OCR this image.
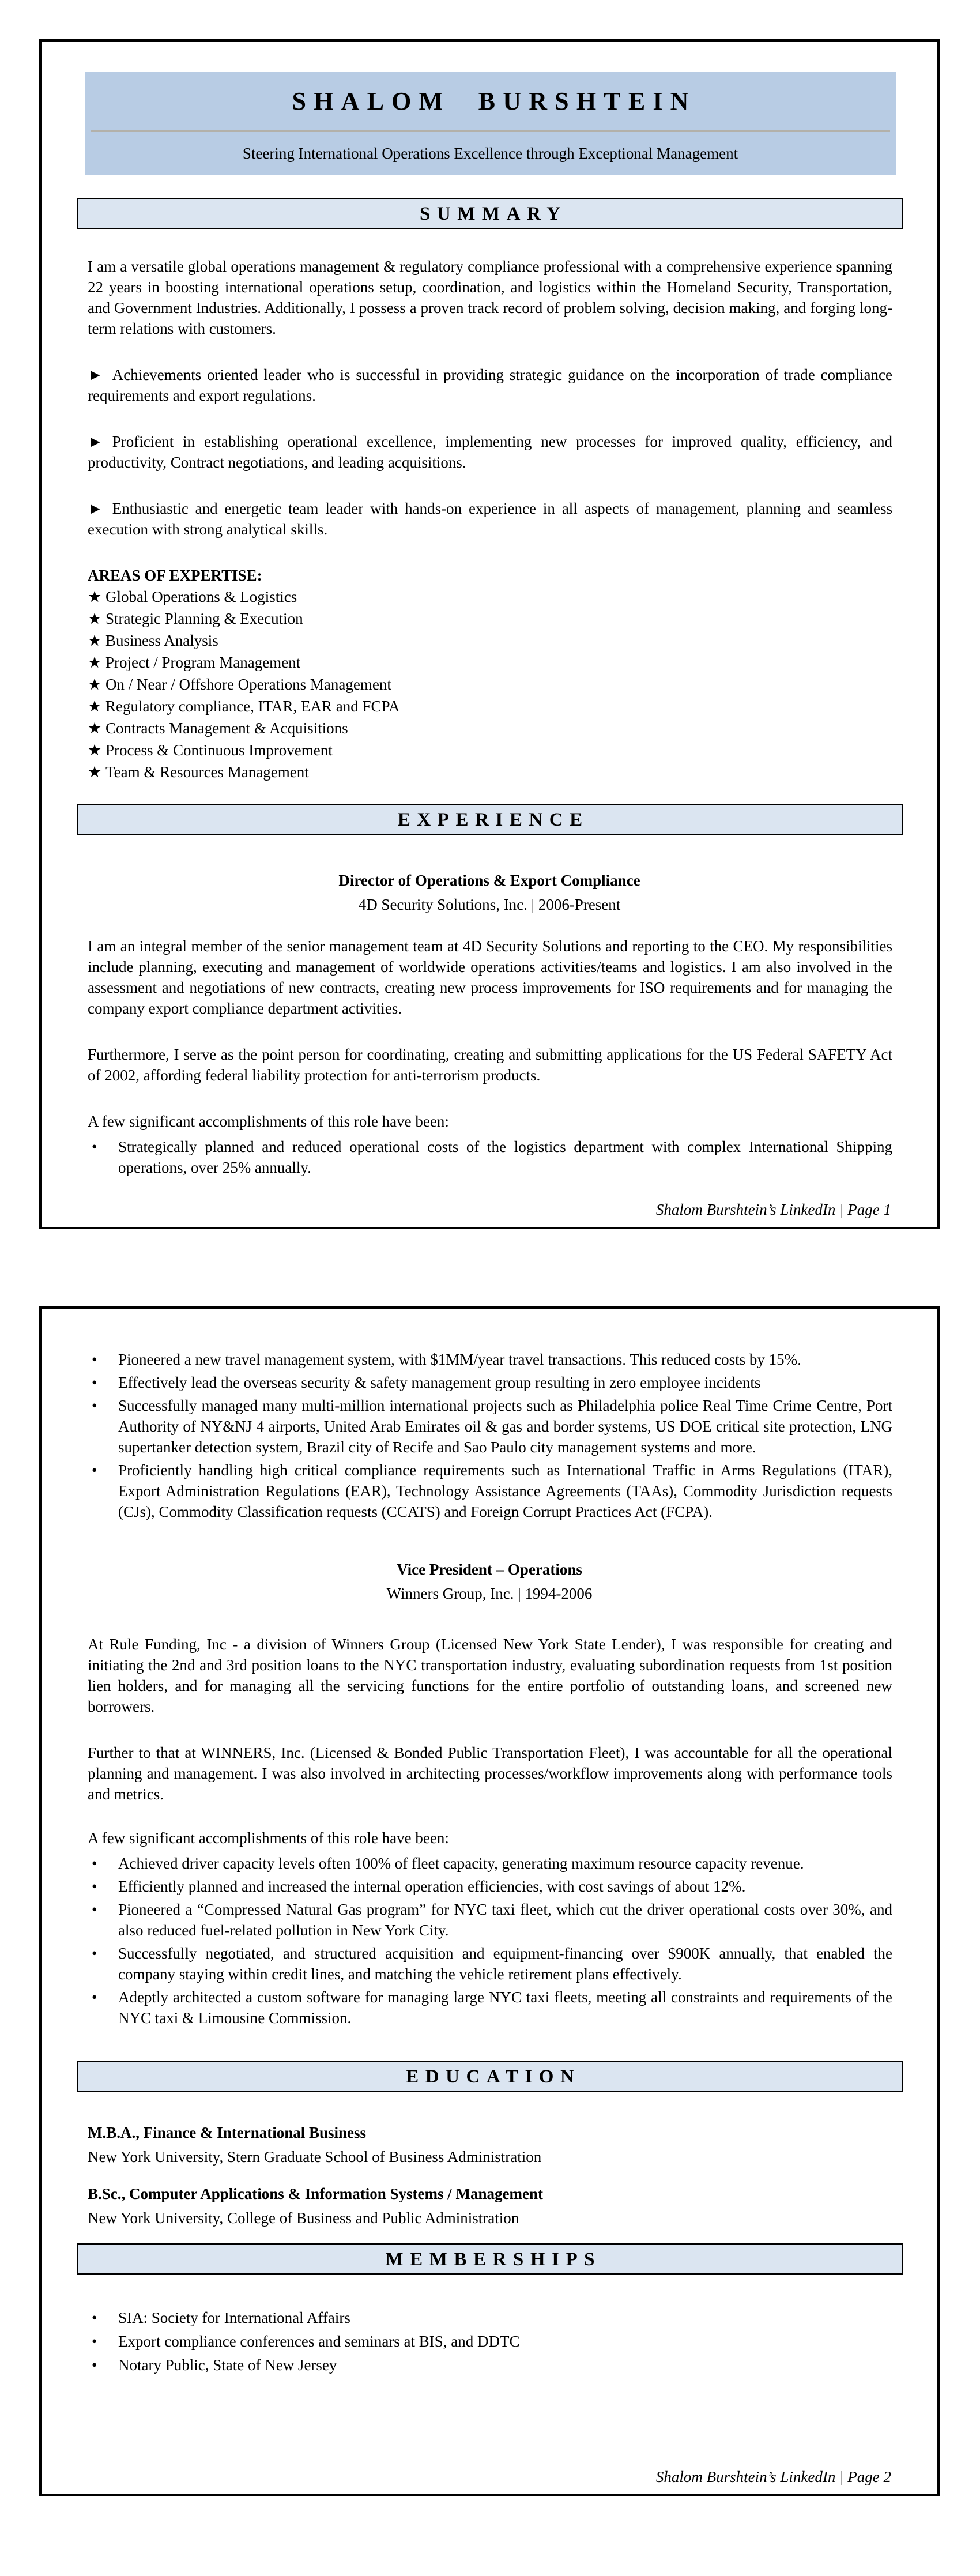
SHALOM BURSHTEIN
Steering International Operations Excellence through Exceptional Management
SUMMARY

I am a versatile global operations management & regulatory compliance professional with a comprehensive experience spanning 22 years in boosting international operations setup, coordination, and logistics within the Homeland Security, Transportation, and Government Industries. Additionally, I possess a proven track record of problem solving, decision making, and forging long-term relations with customers.

► Achievements oriented leader who is successful in providing strategic guidance on the incorporation of trade compliance requirements and export regulations.

► Proficient in establishing operational excellence, implementing new processes for improved quality, efficiency, and productivity, Contract negotiations, and leading acquisitions.

► Enthusiastic and energetic team leader with hands-on experience in all aspects of management, planning and seamless execution with strong analytical skills.

AREAS OF EXPERTISE:

★ Global Operations & Logistics
★ Strategic Planning & Execution
★ Business Analysis
★ Project / Program Management
★ On / Near / Offshore Operations Management
★ Regulatory compliance, ITAR, EAR and FCPA
★ Contracts Management & Acquisitions
★ Process & Continuous Improvement
★ Team & Resources Management
EXPERIENCE
Director of Operations & Export Compliance
4D Security Solutions, Inc. | 2006-Present

I am an integral member of the senior management team at 4D Security Solutions and reporting to the CEO. My responsibilities include planning, executing and management of worldwide operations activities/teams and logistics. I am also involved in the assessment and negotiations of new contracts, creating new process improvements for ISO requirements and for managing the company export compliance department activities.

Furthermore, I serve as the point person for coordinating, creating and submitting applications for the US Federal SAFETY Act of 2002, affording federal liability protection for anti-terrorism products.

A few significant accomplishments of this role have been:

•	Strategically planned and reduced operational costs of the logistics department with complex International Shipping operations, over 25% annually.
Shalom Burshtein’s LinkedIn | Page 1
•	Pioneered a new travel management system, with $1MM/year travel transactions. This reduced costs by 15%.
•	Effectively lead the overseas security & safety management group resulting in zero employee incidents
•	Successfully managed many multi-million international projects such as Philadelphia police Real Time Crime Centre, Port Authority of NY&NJ 4 airports, United Arab Emirates oil & gas and border systems, US DOE critical site protection, LNG supertanker detection system, Brazil city of Recife and Sao Paulo city management systems and more.
•	Proficiently handling high critical compliance requirements such as International Traffic in Arms Regulations (ITAR), Export Administration Regulations (EAR), Technology Assistance Agreements (TAAs), Commodity Jurisdiction requests (CJs), Commodity Classification requests (CCATS) and Foreign Corrupt Practices Act (FCPA).
Vice President – Operations
Winners Group, Inc. | 1994-2006

At Rule Funding, Inc - a division of Winners Group (Licensed New York State Lender), I was responsible for creating and initiating the 2nd and 3rd position loans to the NYC transportation industry, evaluating subordination requests from 1st position lien holders, and for managing all the servicing functions for the entire portfolio of outstanding loans, and screened new borrowers.

Further to that at WINNERS, Inc. (Licensed & Bonded Public Transportation Fleet), I was accountable for all the operational planning and management. I was also involved in architecting processes/workflow improvements along with performance tools and metrics.

A few significant accomplishments of this role have been:

•	Achieved driver capacity levels often 100% of fleet capacity, generating maximum resource capacity revenue.
•	Efficiently planned and increased the internal operation efficiencies, with cost savings of about 12%.
•	Pioneered a “Compressed Natural Gas program” for NYC taxi fleet, which cut the driver operational costs over 30%, and also reduced fuel-related pollution in New York City.
•	Successfully negotiated, and structured acquisition and equipment-financing over $900K annually, that enabled the company staying within credit lines, and matching the vehicle retirement plans effectively.
•	Adeptly architected a custom software for managing large NYC taxi fleets, meeting all constraints and requirements of the NYC taxi & Limousine Commission.
EDUCATION

M.B.A., Finance & International Business

New York University, Stern Graduate School of Business Administration

B.Sc., Computer Applications & Information Systems / Management

New York University, College of Business and Public Administration

MEMBERSHIPS
•	SIA: Society for International Affairs
•	Export compliance conferences and seminars at BIS, and DDTC
•	Notary Public, State of New Jersey
Shalom Burshtein’s LinkedIn | Page 2
